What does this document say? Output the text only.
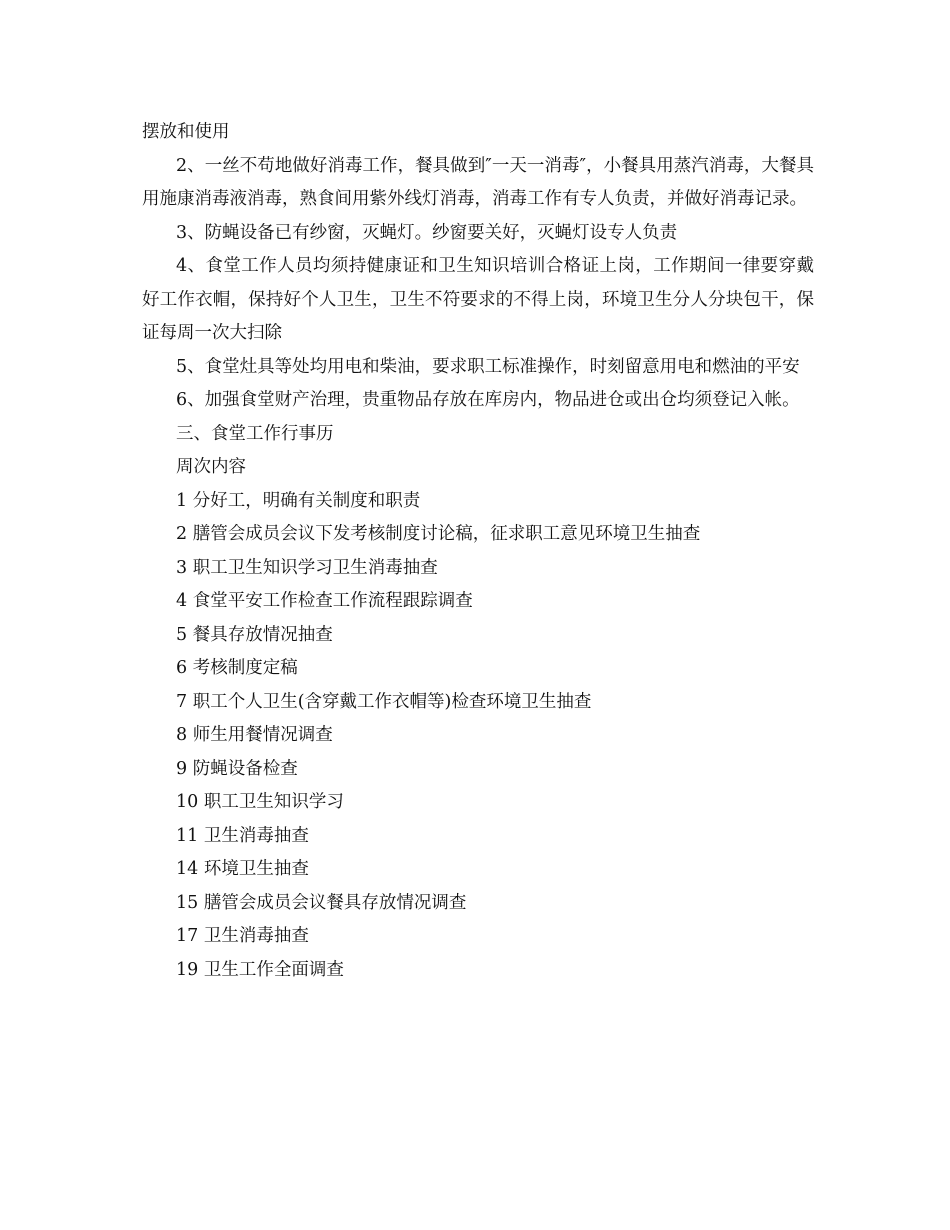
摆放和使用

2、一丝不苟地做好消毒工作，餐具做到″一天一消毒″，小餐具用蒸汽消毒，大餐具用施康消毒液消毒，熟食间用紫外线灯消毒，消毒工作有专人负责，并做好消毒记录。

3、防蝇设备已有纱窗，灭蝇灯。纱窗要关好，灭蝇灯设专人负责

4、食堂工作人员均须持健康证和卫生知识培训合格证上岗，工作期间一律要穿戴好工作衣帽，保持好个人卫生，卫生不符要求的不得上岗，环境卫生分人分块包干，保证每周一次大扫除

5、食堂灶具等处均用电和柴油，要求职工标准操作，时刻留意用电和燃油的平安

6、加强食堂财产治理，贵重物品存放在库房内，物品进仓或出仓均须登记入帐。

三、食堂工作行事历

周次内容

1 分好工，明确有关制度和职责
2 膳管会成员会议下发考核制度讨论稿，征求职工意见环境卫生抽查
3 职工卫生知识学习卫生消毒抽查
4 食堂平安工作检查工作流程跟踪调查
5 餐具存放情况抽查
6 考核制度定稿
7 职工个人卫生(含穿戴工作衣帽等)检查环境卫生抽查
8 师生用餐情况调查
9 防蝇设备检查
10 职工卫生知识学习
11 卫生消毒抽查
14 环境卫生抽查
15 膳管会成员会议餐具存放情况调查
17 卫生消毒抽查
19 卫生工作全面调查
